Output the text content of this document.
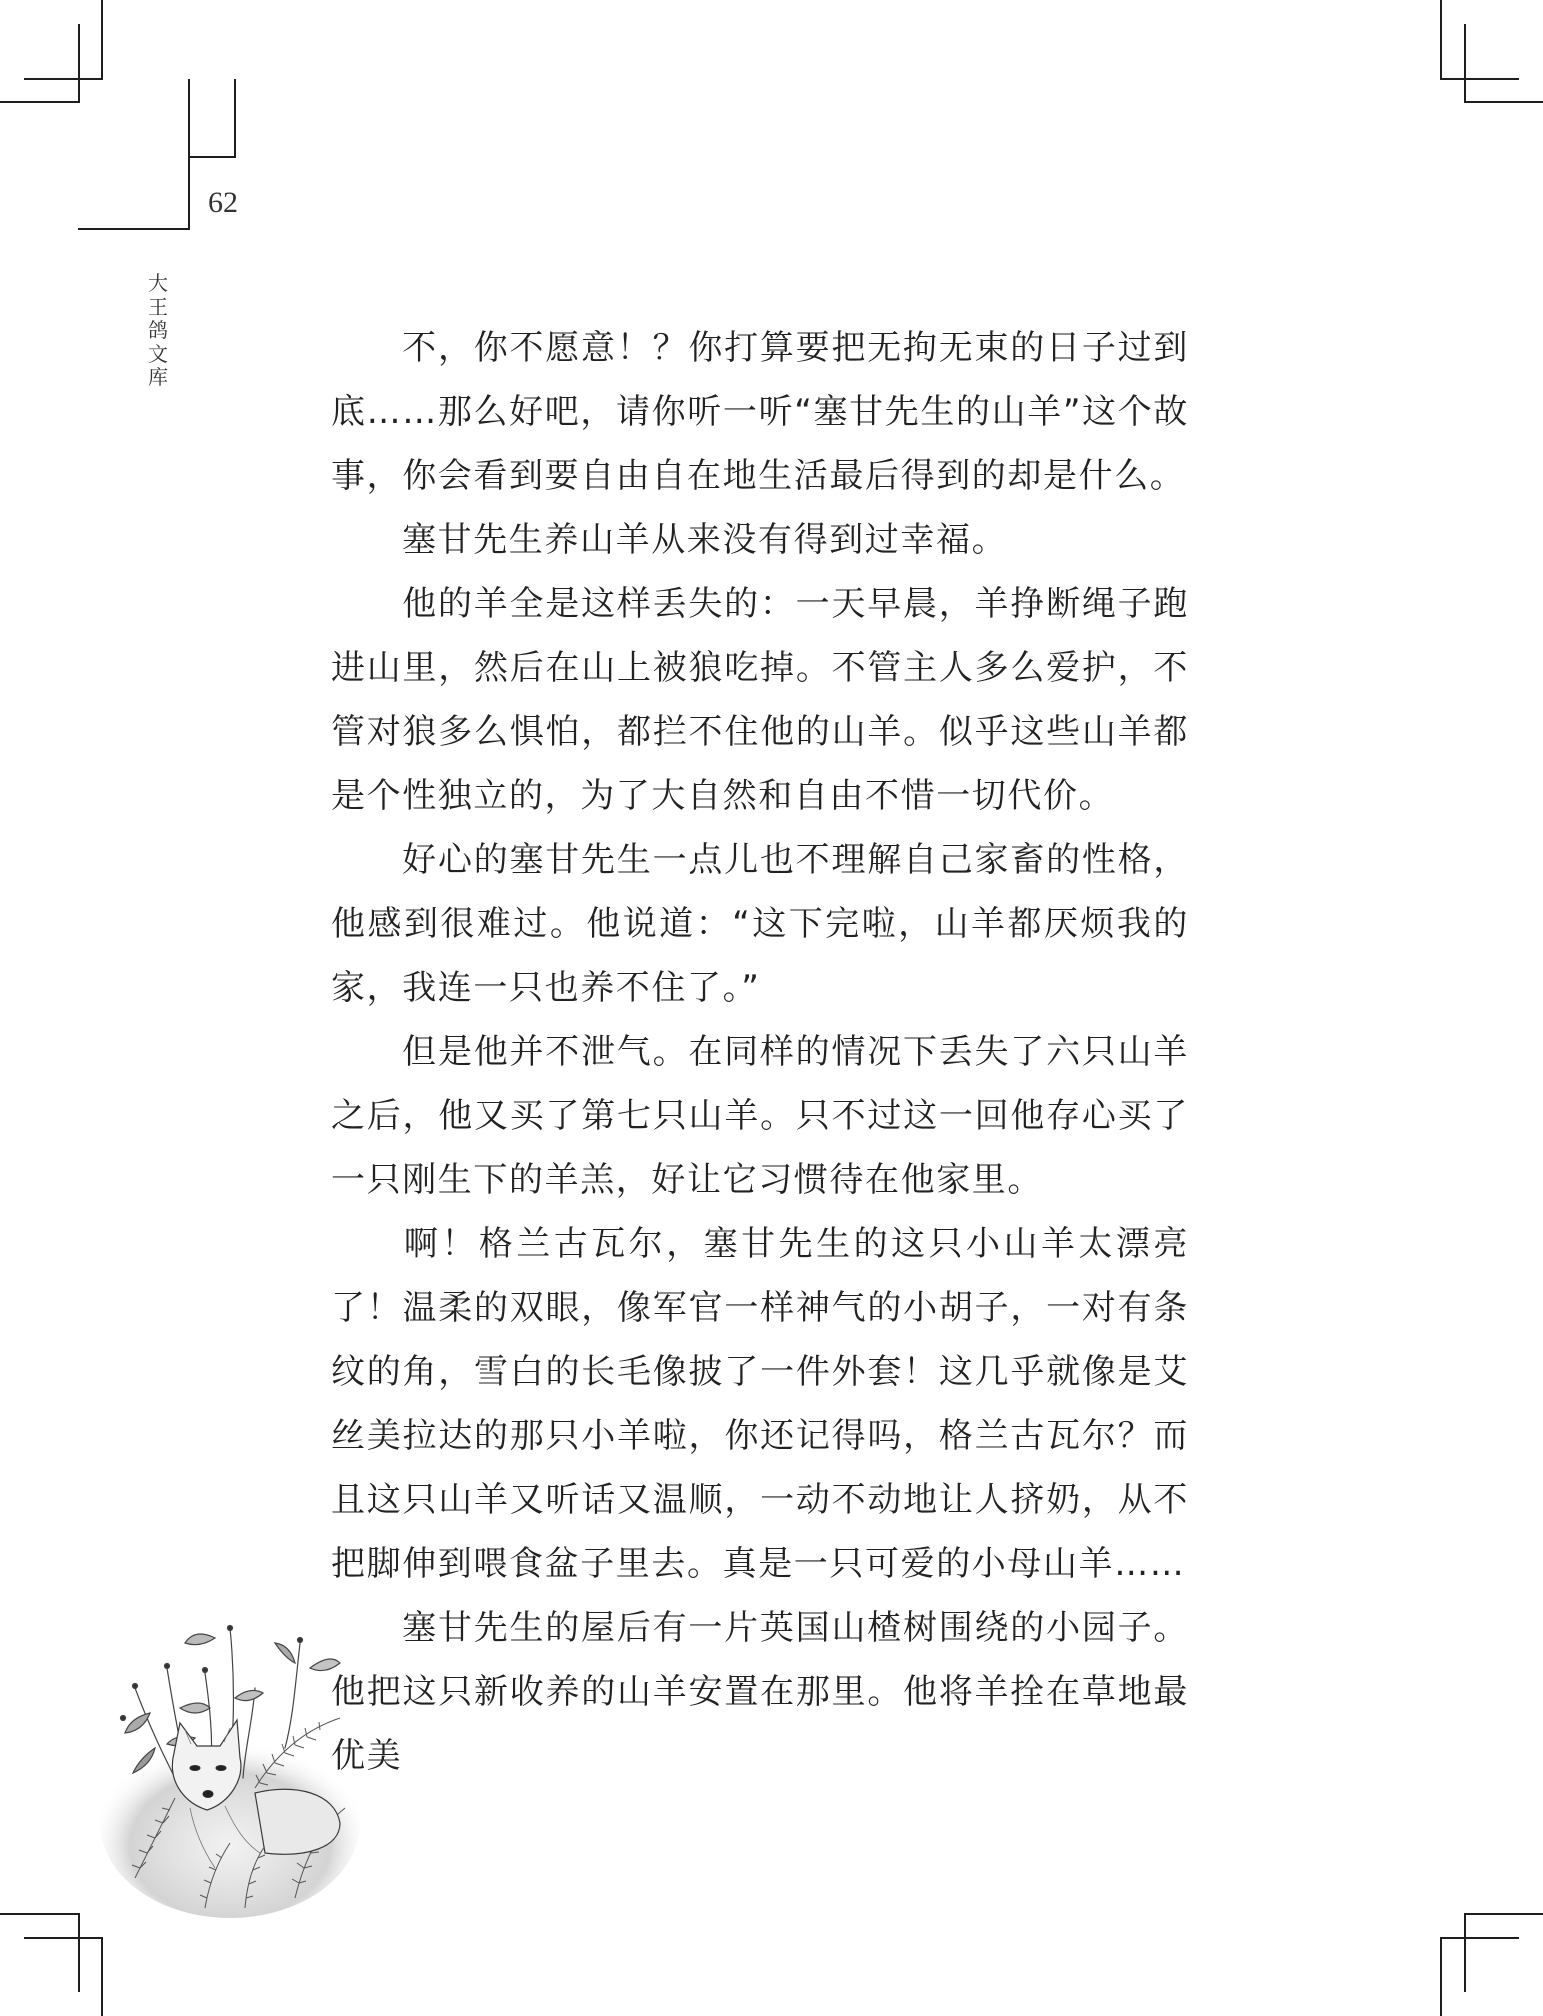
62
大
王
鸽
文
库

不，你不愿意！？你打算要把无拘无束的日子过到底……那么好吧，请你听一听“塞甘先生的山羊”这个故事，你会看到要自由自在地生活最后得到的却是什么。

塞甘先生养山羊从来没有得到过幸福。

他的羊全是这样丢失的：一天早晨，羊挣断绳子跑进山里，然后在山上被狼吃掉。不管主人多么爱护，不管对狼多么惧怕，都拦不住他的山羊。似乎这些山羊都是个性独立的，为了大自然和自由不惜一切代价。

好心的塞甘先生一点儿也不理解自己家畜的性格，他感到很难过。他说道：“这下完啦，山羊都厌烦我的家，我连一只也养不住了。”

但是他并不泄气。在同样的情况下丢失了六只山羊之后，他又买了第七只山羊。只不过这一回他存心买了一只刚生下的羊羔，好让它习惯待在他家里。

啊！格兰古瓦尔，塞甘先生的这只小山羊太漂亮了！温柔的双眼，像军官一样神气的小胡子，一对有条纹的角，雪白的长毛像披了一件外套！这几乎就像是艾丝美拉达的那只小羊啦，你还记得吗，格兰古瓦尔？而且这只山羊又听话又温顺，一动不动地让人挤奶，从不把脚伸到喂食盆子里去。真是一只可爱的小母山羊……

塞甘先生的屋后有一片英国山楂树围绕的小园子。他把这只新收养的山羊安置在那里。他将羊拴在草地最优美
